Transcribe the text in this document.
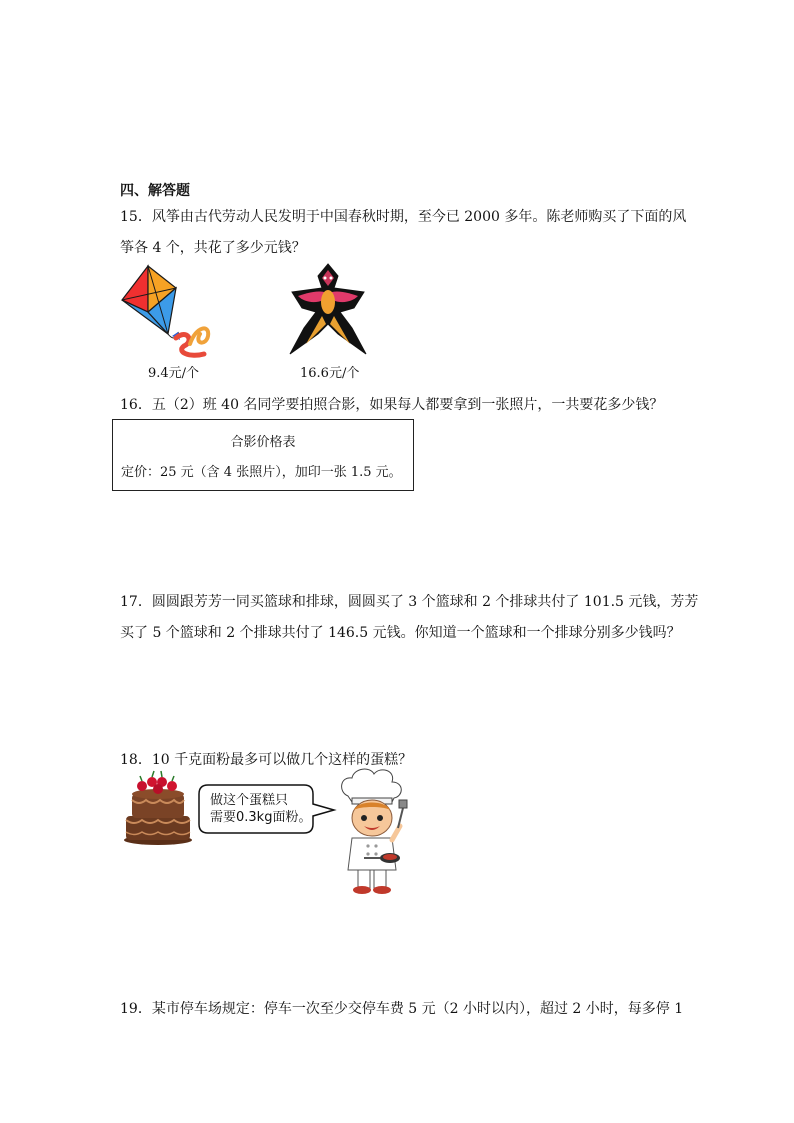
四、解答题
15．风筝由古代劳动人民发明于中国春秋时期，至今已 2000 多年。陈老师购买了下面的风
筝各 4 个，共花了多少元钱？
9.4元/个	16.6元/个
16．五（2）班 40 名同学要拍照合影，如果每人都要拿到一张照片，一共要花多少钱？
合影价格表
定价：25 元（含 4 张照片），加印一张 1.5 元。
17．圆圆跟芳芳一同买篮球和排球，圆圆买了 3 个篮球和 2 个排球共付了 101.5 元钱，芳芳
买了 5 个篮球和 2 个排球共付了 146.5 元钱。你知道一个篮球和一个排球分别多少钱吗？
18．10 千克面粉最多可以做几个这样的蛋糕？
做这个蛋糕只
需要0.3kg面粉。
19．某市停车场规定：停车一次至少交停车费 5 元（2 小时以内），超过 2 小时，每多停 1
